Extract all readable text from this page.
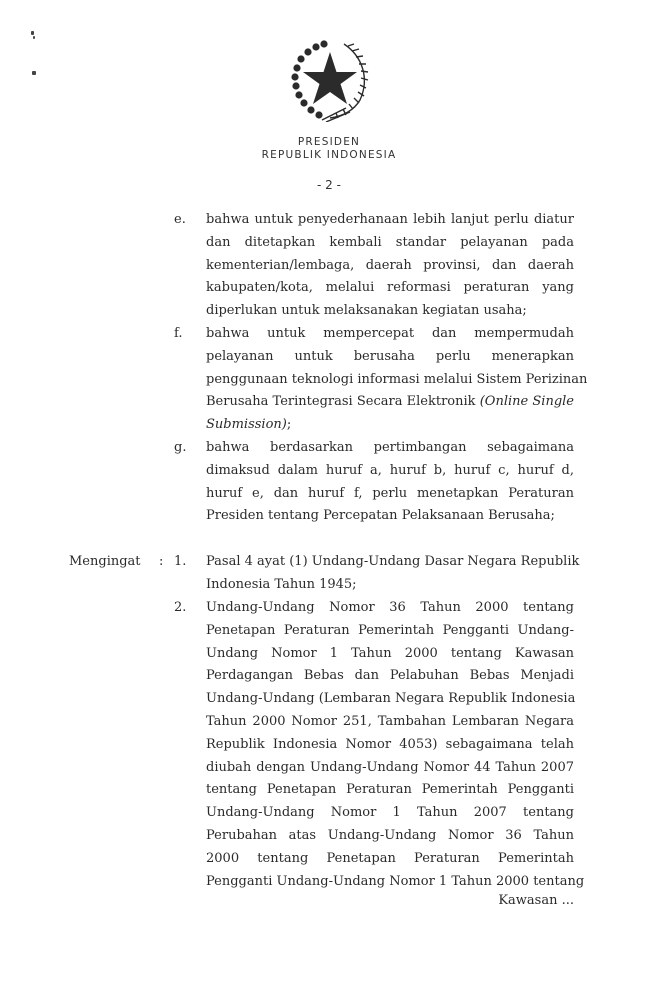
PRESIDEN
REPUBLIK INDONESIA
- 2 -
e. bahwa untuk penyederhanaan lebih lanjut perlu diatur
dan ditetapkan kembali standar pelayanan pada
kementerian/lembaga, daerah provinsi, dan daerah
kabupaten/kota, melalui reformasi peraturan yang
diperlukan untuk melaksanakan kegiatan usaha;
f. bahwa untuk mempercepat dan mempermudah
pelayanan untuk berusaha perlu menerapkan
penggunaan teknologi informasi melalui Sistem Perizinan
Berusaha Terintegrasi Secara Elektronik (Online Single
Submission);
g. bahwa berdasarkan pertimbangan sebagaimana
dimaksud dalam huruf a, huruf b, huruf c, huruf d,
huruf e, dan huruf f, perlu menetapkan Peraturan
Presiden tentang Percepatan Pelaksanaan Berusaha;
Mengingat : 1. Pasal 4 ayat (1) Undang-Undang Dasar Negara Republik
Indonesia Tahun 1945;
2. Undang-Undang Nomor 36 Tahun 2000 tentang
Penetapan Peraturan Pemerintah Pengganti Undang-
Undang Nomor 1 Tahun 2000 tentang Kawasan
Perdagangan Bebas dan Pelabuhan Bebas Menjadi
Undang-Undang (Lembaran Negara Republik Indonesia
Tahun 2000 Nomor 251, Tambahan Lembaran Negara
Republik Indonesia Nomor 4053) sebagaimana telah
diubah dengan Undang-Undang Nomor 44 Tahun 2007
tentang Penetapan Peraturan Pemerintah Pengganti
Undang-Undang Nomor 1 Tahun 2007 tentang
Perubahan atas Undang-Undang Nomor 36 Tahun
2000 tentang Penetapan Peraturan Pemerintah
Pengganti Undang-Undang Nomor 1 Tahun 2000 tentang
Kawasan ...
